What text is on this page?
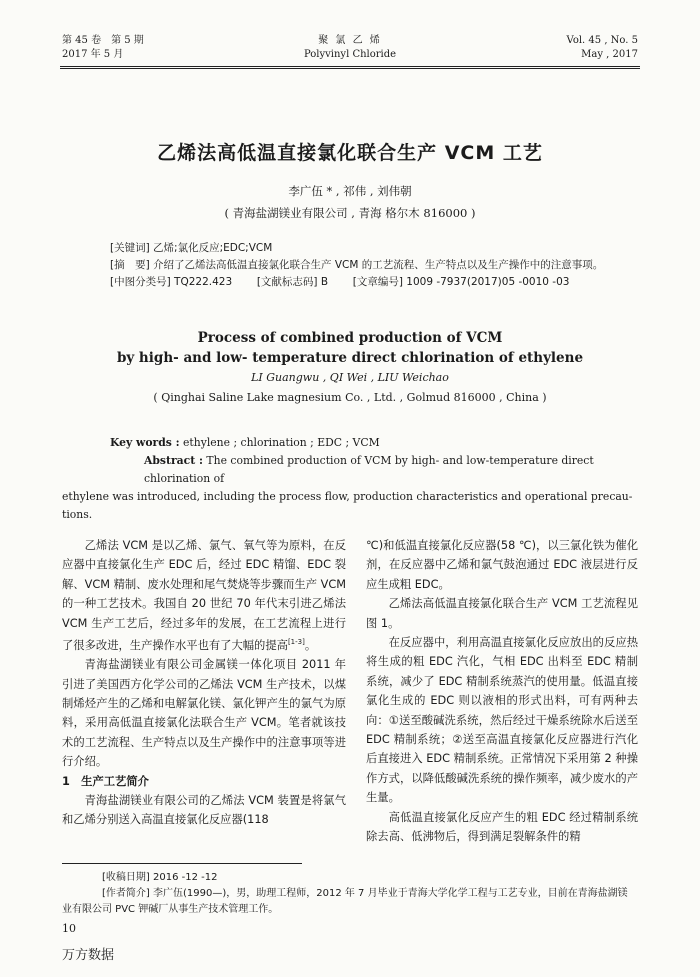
第 45 卷　第 5 期
2017 年 5 月
聚 氯 乙 烯
Polyvinyl Chloride
Vol. 45 , No. 5
May , 2017
乙烯法高低温直接氯化联合生产 VCM 工艺
李广伍 * , 祁伟 , 刘伟朝
( 青海盐湖镁业有限公司 , 青海 格尔木 816000 )
[关键词] 乙烯;氯化反应;EDC;VCM
[摘　要] 介绍了乙烯法高低温直接氯化联合生产 VCM 的工艺流程、生产特点以及生产操作中的注意事项。
[中图分类号] TQ222.423 [文献标志码] B [文章编号] 1009 -7937(2017)05 -0010 -03
Process of combined production of VCM
by high- and low- temperature direct chlorination of ethylene
LI Guangwu , QI Wei , LIU Weichao
( Qinghai Saline Lake magnesium Co. , Ltd. , Golmud 816000 , China )
Key words : ethylene ; chlorination ; EDC ; VCM
Abstract : The combined production of VCM by high- and low-temperature direct chlorination of
ethylene was introduced, including the process flow, production characteristics and operational precau-
tions.

乙烯法 VCM 是以乙烯、氯气、氧气等为原料，在反应器中直接氯化生产 EDC 后，经过 EDC 精馏、EDC 裂解、VCM 精制、废水处理和尾气焚烧等步骤而生产 VCM 的一种工艺技术。我国自 20 世纪 70 年代末引进乙烯法 VCM 生产工艺后，经过多年的发展，在工艺流程上进行了很多改进，生产操作水平也有了大幅的提高[1-3]。

青海盐湖镁业有限公司金属镁一体化项目 2011 年引进了美国西方化学公司的乙烯法 VCM 生产技术，以煤制烯烃产生的乙烯和电解氯化镁、氯化钾产生的氯气为原料，采用高低温直接氯化法联合生产 VCM。笔者就该技术的工艺流程、生产特点以及生产操作中的注意事项等进行介绍。

1　生产工艺简介

青海盐湖镁业有限公司的乙烯法 VCM 装置是将氯气和乙烯分别送入高温直接氯化反应器(118

℃)和低温直接氯化反应器(58 ℃)，以三氯化铁为催化剂，在反应器中乙烯和氯气鼓泡通过 EDC 液层进行反应生成粗 EDC。

乙烯法高低温直接氯化联合生产 VCM 工艺流程见图 1。

在反应器中，利用高温直接氯化反应放出的反应热将生成的粗 EDC 汽化，气相 EDC 出料至 EDC 精制系统，减少了 EDC 精制系统蒸汽的使用量。低温直接氯化生成的 EDC 则以液相的形式出料，可有两种去向：①送至酸碱洗系统，然后经过干燥系统除水后送至 EDC 精制系统；②送至高温直接氯化反应器进行汽化后直接进入 EDC 精制系统。正常情况下采用第 2 种操作方式，以降低酸碱洗系统的操作频率，减少废水的产生量。

高低温直接氯化反应产生的粗 EDC 经过精制系统除去高、低沸物后，得到满足裂解条件的精

[收稿日期] 2016 -12 -12
[作者简介] 李广伍(1990—)，男，助理工程师，2012 年 7 月毕业于青海大学化学工程与工艺专业，目前在青海盐湖镁
业有限公司 PVC 钾碱厂从事生产技术管理工作。
10
万方数据
